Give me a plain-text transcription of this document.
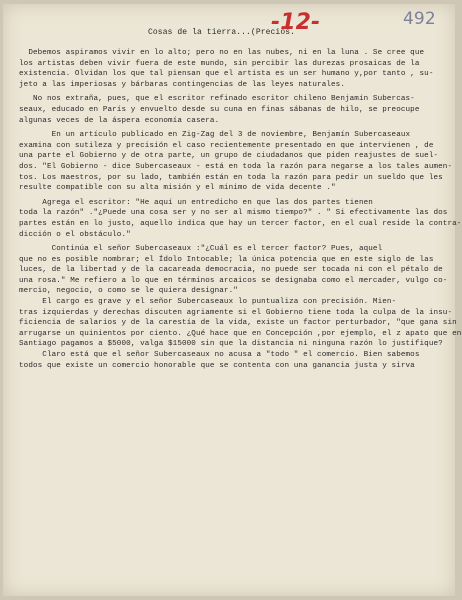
Cosas de la tierra...(Precios.
-12-	492
Debemos aspiramos vivir en lo alto; pero no en las nubes, ni en la luna . Se cree que
los artistas deben vivir fuera de este mundo, sin percibir las durezas prosaicas de la
existencia. Olvidan los que tal piensan que el artista es un ser humano y,por tanto , su-
jeto a las imperiosas y bárbaras contingencias de las leyes naturales.
No nos extraña, pues, que el escritor refinado escritor chileno Benjamín Subercas-
seaux, educado en París y envuelto desde su cuna en finas sábanas de hilo, se preocupe
algunas veces de la áspera economía casera.
En un artículo publicado en Zig-Zag del 3 de noviembre, Benjamín Subercaseaux
examina con sutileza y precisión el caso recientemente presentado en que intervienen , de
una parte el Gobierno y de otra parte, un grupo de ciudadanos que piden reajustes de suel-
dos. "El Gobierno - dice Subercaseaux - está en toda la razón para negarse a los tales aumen-
tos. Los maestros, por su lado, también están en toda la razón para pedir un sueldo que les
resulte compatible con su alta misión y el mínimo de vida decente ."
Agrega el escritor: "He aquí un entredicho en que las dos partes tienen
toda la razón" ."¿Puede una cosa ser y no ser al mismo tiempo?" . " Si efectivamente las dos
partes están en lo justo, aquello indica que hay un tercer factor, en el cual reside la contra-
dicción o el obstáculo."
Continúa el señor Subercaseaux :"¿Cuál es el tercer factor? Pues, aquel
que no es posible nombrar; el Ídolo Intocable; la única potencia que en este siglo de las
luces, de la libertad y de la cacareada democracia, no puede ser tocada ni con el pétalo de
una rosa." Me refiero a lo que en términos arcaicos se designaba como el mercader, vulgo co-
mercio, negocio, o como se le quiera designar."
El cargo es grave y el señor Subercaseaux lo puntualiza con precisión. Mien-
tras izquierdas y derechas discuten agriamente si el Gobierno tiene toda la culpa de la insu-
ficiencia de salarios y de la carestía de la vida, existe un factor perturbador, "que gana sin
arrugarse un quinientos por ciento. ¿Qué hace que en Concepción ,por ejemplo, el z apato que en
Santiago pagamos a $5000, valga $15000 sin que la distancia ni ninguna razón lo justifique?
Claro está que el señor Subercaseaux no acusa a "todo " el comercio. Bien sabemos
todos que existe un comercio honorable que se contenta con una ganancia justa y sirva
